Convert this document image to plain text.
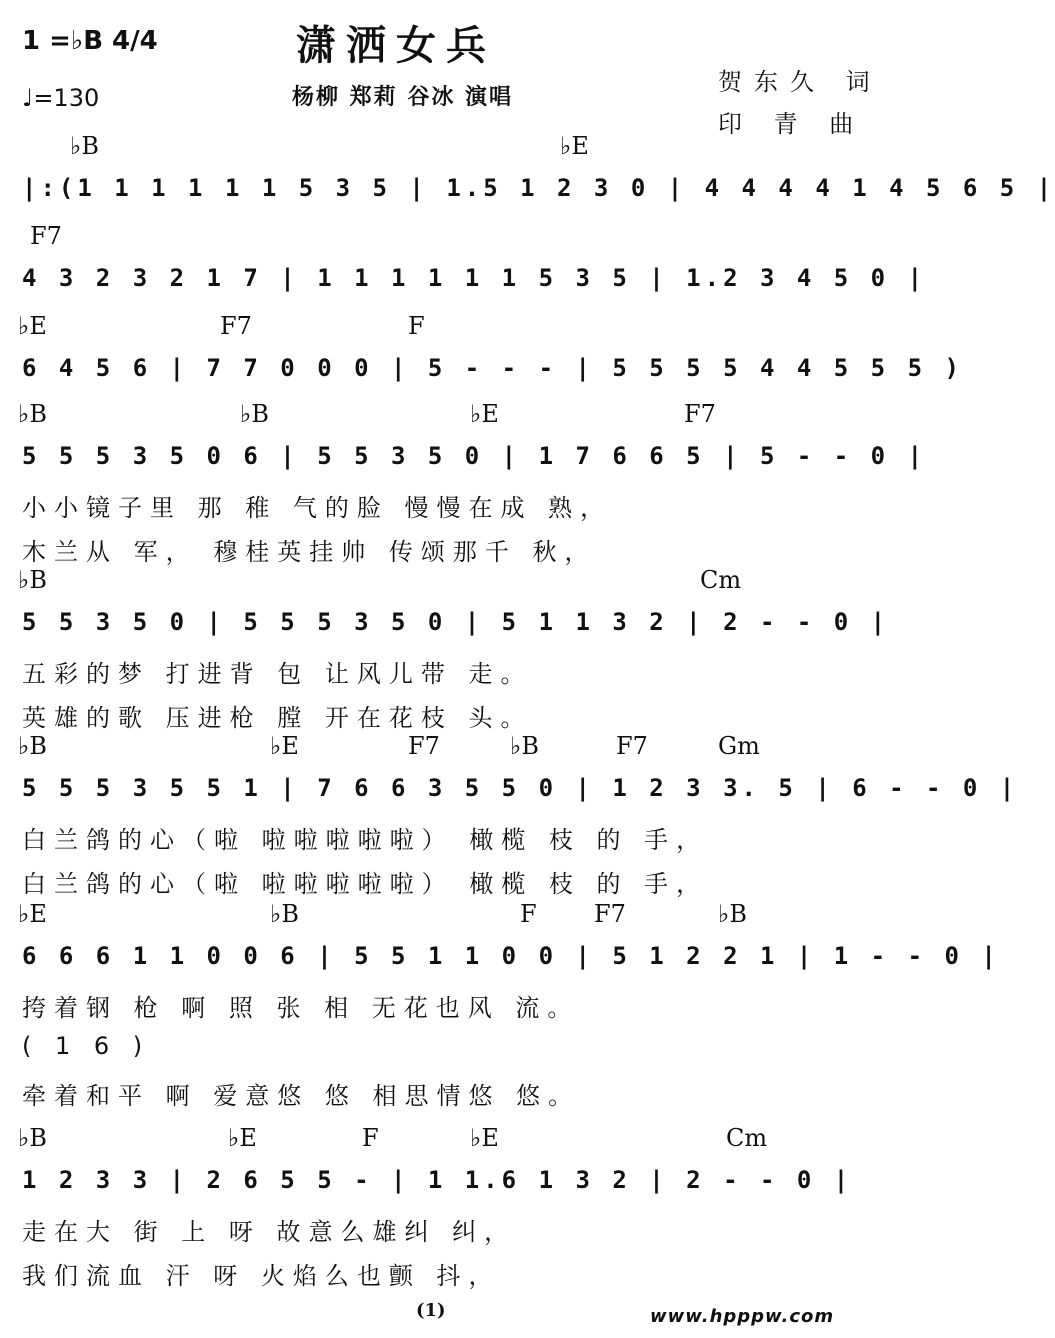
潇洒女兵
杨柳 郑莉 谷冰 演唱
1 =♭B 4/4
♩=130
贺东久 词
印 青 曲
♭B	♭E
|:(1 1 1 1 1 1 5 3 5 | 1.5 1 2 3 0 | 4 4 4 4 1 4 5 6 5 |
F7
4 3 2 3 2 1 7 | 1 1 1 1 1 1 5 3 5 | 1.2 3 4 5 0 |
♭E	F7	F
6 4 5 6 | 7 7 0 0 0 | 5 - - - | 5 5 5 5 4 4 5 5 5 )
♭B	♭B	♭E	F7
5 5 5 3 5 0 6 | 5 5 3 5 0 | 1 7 6 6 5 | 5 - - 0 |
小小镜子里 那 稚 气的脸 慢慢在成 熟，
木兰从 军， 穆桂英挂帅 传颂那千 秋，
♭B	Cm
5 5 3 5 0 | 5 5 5 3 5 0 | 5 1 1 3 2 | 2 - - 0 |
五彩的梦 打进背 包 让风儿带 走。
英雄的歌 压进枪 膛 开在花枝 头。
♭B	♭E	F7	♭B	F7	Gm
5 5 5 3 5 5 1 | 7 6 6 3 5 5 0 | 1 2 3 3. 5 | 6 - - 0 |
白兰鸽的心（啦 啦啦啦啦啦） 橄榄 枝 的 手，
白兰鸽的心（啦 啦啦啦啦啦） 橄榄 枝 的 手，
♭E	♭B	F F7	♭B
6 6 6 1 1 0 0 6 | 5 5 1 1 0 0 | 5 1 2 2 1 | 1 - - 0 |
挎着钢 枪 啊 照 张 相 无花也风 流。
( 1 6 )
牵着和平 啊 爱意悠 悠 相思情悠 悠。
♭B	♭E	F	♭E	Cm
1 2 3 3 | 2 6 5 5 - | 1 1.6 1 3 2 | 2 - - 0 |
走在大 街 上 呀 故意么雄纠 纠，
我们流血 汗 呀 火焰么也颤 抖，
(1)	www.hpppw.com
